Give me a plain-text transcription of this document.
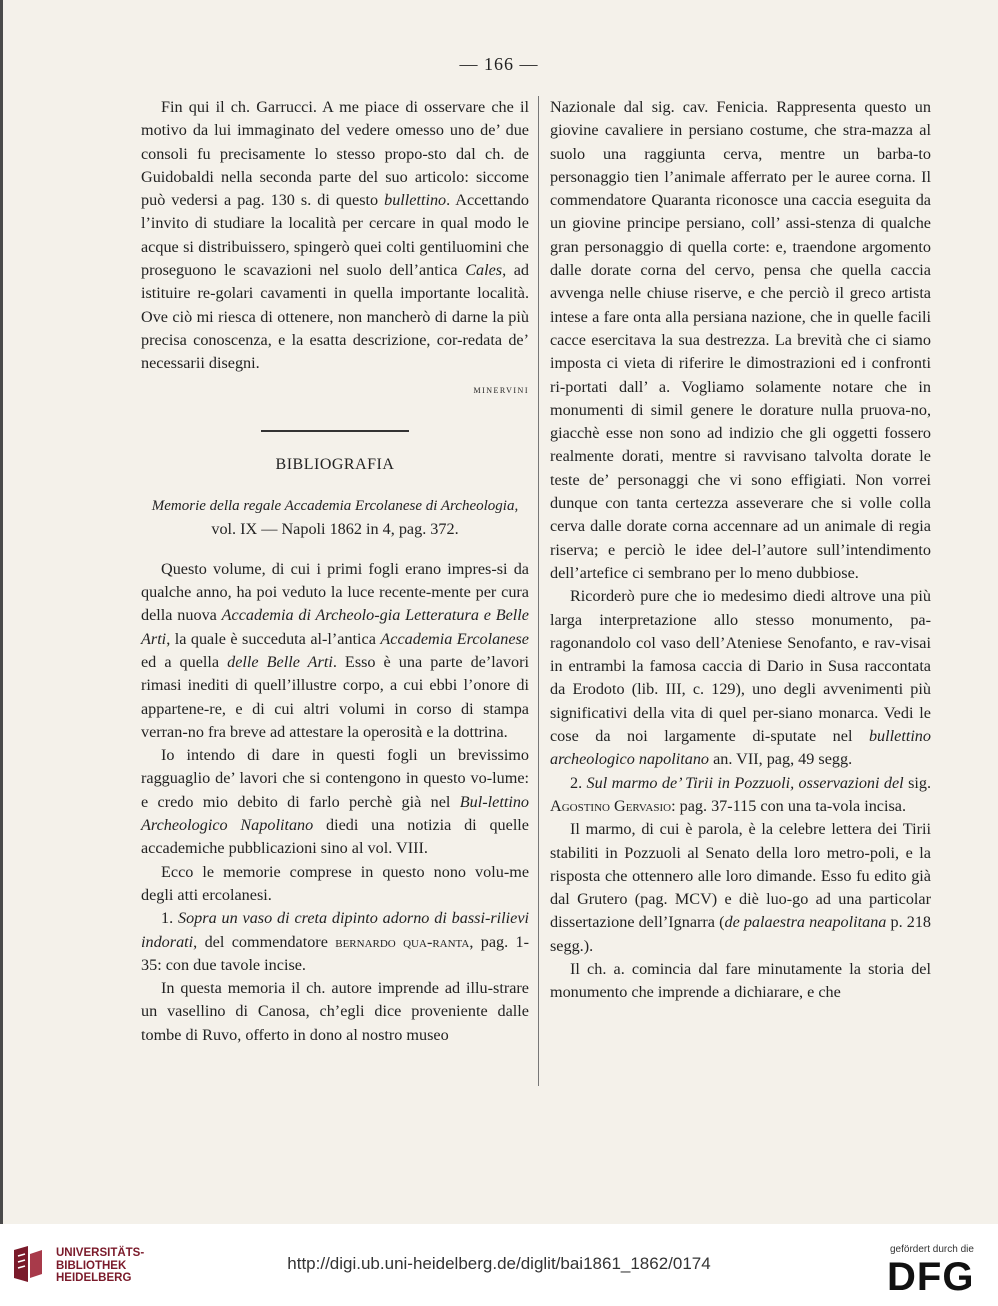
— 166 —

Fin qui il ch. Garrucci. A me piace di osservare che il motivo da lui immaginato del vedere omesso uno de’ due consoli fu precisamente lo stesso propo-sto dal ch. de Guidobaldi nella seconda parte del suo articolo: siccome può vedersi a pag. 130 s. di questo bullettino. Accettando l’invito di studiare la località per cercare in qual modo le acque si distribuissero, spingerò quei colti gentiluomini che proseguono le scavazioni nel suolo dell’antica Cales, ad istituire re-golari cavamenti in quella importante località. Ove ciò mi riesca di ottenere, non mancherò di darne la più precisa conoscenza, e la esatta descrizione, cor-redata de’ necessarii disegni.

minervini

BIBLIOGRAFIA

Memorie della regale Accademia Ercolanese di Archeologia,
vol. IX — Napoli 1862 in 4, pag. 372.

Questo volume, di cui i primi fogli erano impres-si da qualche anno, ha poi veduto la luce recente-mente per cura della nuova Accademia di Archeolo-gia Letteratura e Belle Arti, la quale è succeduta al-l’antica Accademia Ercolanese ed a quella delle Belle Arti. Esso è una parte de’lavori rimasi inediti di quell’illustre corpo, a cui ebbi l’onore di appartene-re, e di cui altri volumi in corso di stampa verran-no fra breve ad attestare la operosità e la dottrina.

Io intendo di dare in questi fogli un brevissimo ragguaglio de’ lavori che si contengono in questo vo-lume: e credo mio debito di farlo perchè già nel Bul-lettino Archeologico Napolitano diedi una notizia di quelle accademiche pubblicazioni sino al vol. VIII.

Ecco le memorie comprese in questo nono volu-me degli atti ercolanesi.

1. Sopra un vaso di creta dipinto adorno di bassi-rilievi indorati, del commendatore bernardo qua-ranta, pag. 1-35: con due tavole incise.

In questa memoria il ch. autore imprende ad illu-strare un vasellino di Canosa, ch’egli dice proveniente dalle tombe di Ruvo, offerto in dono al nostro museo

Nazionale dal sig. cav. Fenicia. Rappresenta questo un giovine cavaliere in persiano costume, che stra-mazza al suolo una raggiunta cerva, mentre un barba-to personaggio tien l’animale afferrato per le auree corna. Il commendatore Quaranta riconosce una caccia eseguita da un giovine principe persiano, coll’ assi-stenza di qualche gran personaggio di quella corte: e, traendone argomento dalle dorate corna del cervo, pensa che quella caccia avvenga nelle chiuse riserve, e che perciò il greco artista intese a fare onta alla persiana nazione, che in quelle facili cacce esercitava la sua destrezza. La brevità che ci siamo imposta ci vieta di riferire le dimostrazioni ed i confronti ri-portati dall’ a. Vogliamo solamente notare che in monumenti di simil genere le dorature nulla pruova-no, giacchè esse non sono ad indizio che gli oggetti fossero realmente dorati, mentre si ravvisano talvolta dorate le teste de’ personaggi che vi sono effigiati. Non vorrei dunque con tanta certezza asseverare che si volle colla cerva dalle dorate corna accennare ad un animale di regia riserva; e perciò le idee del-l’autore sull’intendimento dell’artefice ci sembrano per lo meno dubbiose.

Ricorderò pure che io medesimo diedi altrove una più larga interpretazione allo stesso monumento, pa-ragonandolo col vaso dell’Ateniese Senofanto, e rav-visai in entrambi la famosa caccia di Dario in Susa raccontata da Erodoto (lib. III, c. 129), uno degli avvenimenti più significativi della vita di quel per-siano monarca. Vedi le cose da noi largamente di-sputate nel bullettino archeologico napolitano an. VII, pag, 49 segg.

2. Sul marmo de’ Tirii in Pozzuoli, osservazioni del sig. Agostino Gervasio: pag. 37-115 con una ta-vola incisa.

Il marmo, di cui è parola, è la celebre lettera dei Tirii stabiliti in Pozzuoli al Senato della loro metro-poli, e la risposta che ottennero alle loro dimande. Esso fu edito già dal Grutero (pag. MCV) e diè luo-go ad una particolar dissertazione dell’Ignarra (de palaestra neapolitana p. 218 segg.).

Il ch. a. comincia dal fare minutamente la storia del monumento che imprende a dichiarare, e che

UNIVERSITÄTS-
BIBLIOTHEK
HEIDELBERG
http://digi.ub.uni-heidelberg.de/diglit/bai1861_1862/0174
gefördert durch die
DFG
